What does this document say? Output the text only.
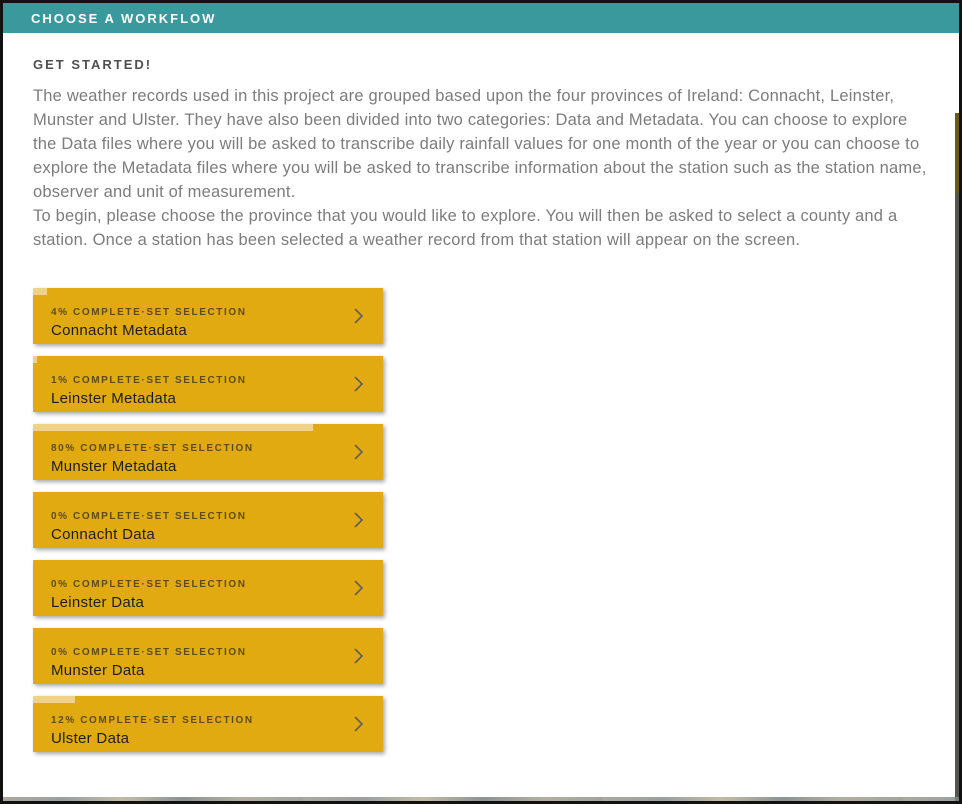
CHOOSE A WORKFLOW
GET STARTED!

The weather records used in this project are grouped based upon the four provinces of Ireland: Connacht, Leinster, Munster and Ulster. They have also been divided into two categories: Data and Metadata. You can choose to explore the Data files where you will be asked to transcribe daily rainfall values for one month of the year or you can choose to explore the Metadata files where you will be asked to transcribe information about the station such as the station name, observer and unit of measurement.

To begin, please choose the province that you would like to explore. You will then be asked to select a county and a station. Once a station has been selected a weather record from that station will appear on the screen.

4% COMPLETE·SET SELECTION
Connacht Metadata
1% COMPLETE·SET SELECTION
Leinster Metadata
80% COMPLETE·SET SELECTION
Munster Metadata
0% COMPLETE·SET SELECTION
Connacht Data
0% COMPLETE·SET SELECTION
Leinster Data
0% COMPLETE·SET SELECTION
Munster Data
12% COMPLETE·SET SELECTION
Ulster Data
